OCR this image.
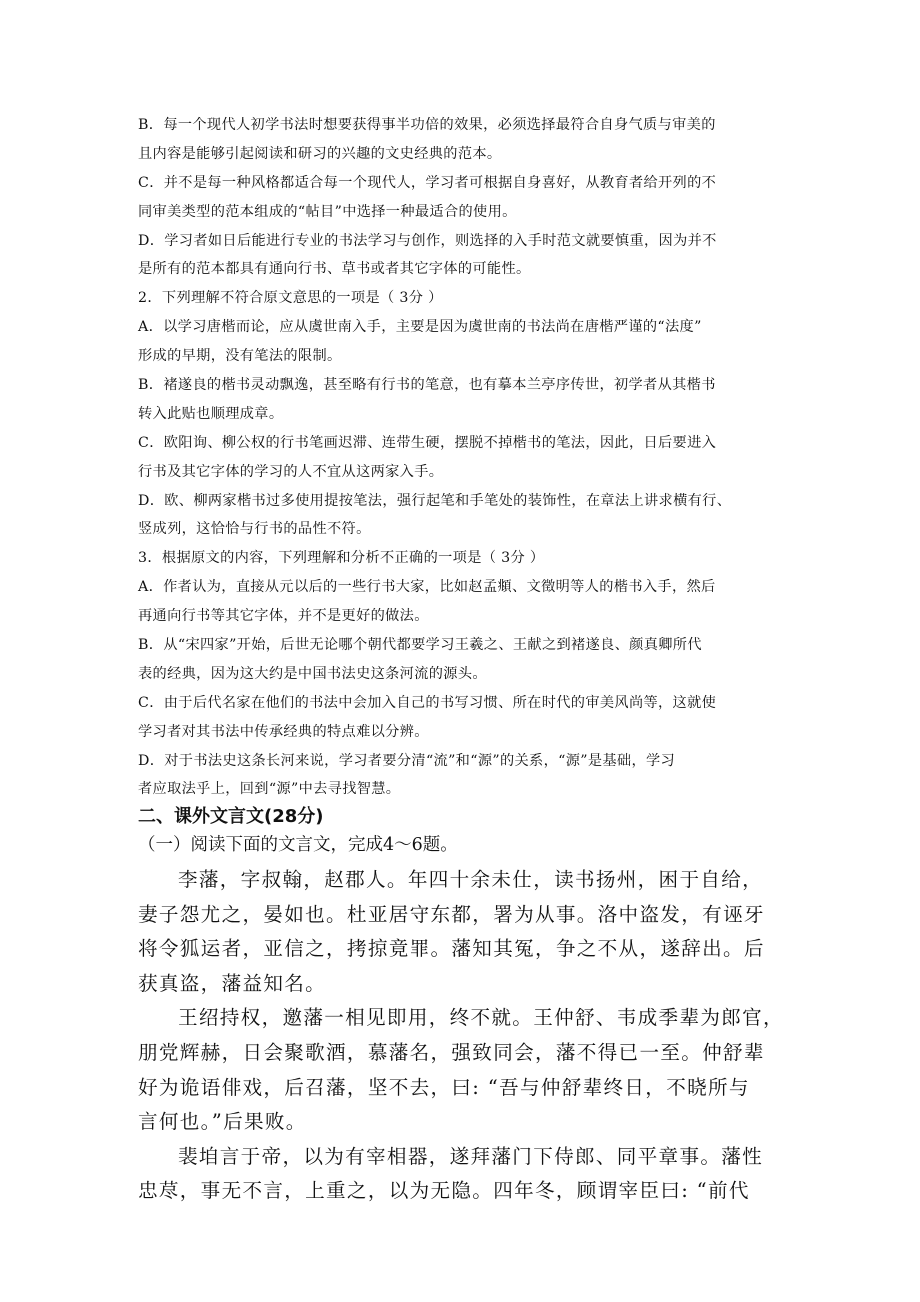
B．每一个现代人初学书法时想要获得事半功倍的效果，必须选择最符合自身气质与审美的

且内容是能够引起阅读和研习的兴趣的文史经典的范本。

C．并不是每一种风格都适合每一个现代人，学习者可根据自身喜好，从教育者给开列的不

同审美类型的范本组成的“帖目”中选择一种最适合的使用。

D．学习者如日后能进行专业的书法学习与创作，则选择的入手时范文就要慎重，因为并不

是所有的范本都具有通向行书、草书或者其它字体的可能性。

2．下列理解不符合原文意思的一项是（ 3分 ）

A．以学习唐楷而论，应从虞世南入手，主要是因为虞世南的书法尚在唐楷严谨的“法度”

形成的早期，没有笔法的限制。

B．褚遂良的楷书灵动飘逸，甚至略有行书的笔意，也有摹本兰亭序传世，初学者从其楷书

转入此贴也顺理成章。

C．欧阳询、柳公权的行书笔画迟滞、连带生硬，摆脱不掉楷书的笔法，因此，日后要进入

行书及其它字体的学习的人不宜从这两家入手。

D．欧、柳两家楷书过多使用提按笔法，强行起笔和手笔处的装饰性，在章法上讲求横有行、

竖成列，这恰恰与行书的品性不符。

3．根据原文的内容，下列理解和分析不正确的一项是（ 3分 ）

A．作者认为，直接从元以后的一些行书大家，比如赵孟頫、文徵明等人的楷书入手，然后

再通向行书等其它字体，并不是更好的做法。

B．从“宋四家”开始，后世无论哪个朝代都要学习王羲之、王献之到褚遂良、颜真卿所代

表的经典，因为这大约是中国书法史这条河流的源头。

C．由于后代名家在他们的书法中会加入自己的书写习惯、所在时代的审美风尚等，这就使

学习者对其书法中传承经典的特点难以分辨。

D．对于书法史这条长河来说，学习者要分清“流”和“源”的关系，“源”是基础，学习

者应取法乎上，回到“源”中去寻找智慧。

二、课外文言文(28分)
（一）阅读下面的文言文，完成4～6题。

李藩，字叔翰，赵郡人。年四十余未仕，读书扬州，困于自给，

妻子怨尤之，晏如也。杜亚居守东都，署为从事。洛中盗发，有诬牙

将令狐运者，亚信之，拷掠竟罪。藩知其冤，争之不从，遂辞出。后

获真盗，藩益知名。

王绍持权，邀藩一相见即用，终不就。王仲舒、韦成季辈为郎官，

朋党辉赫，日会聚歌酒，慕藩名，强致同会，藩不得已一至。仲舒辈

好为诡语俳戏，后召藩，坚不去，曰: “吾与仲舒辈终日，不晓所与

言何也。”后果败。

裴垍言于帝，以为有宰相器，遂拜藩门下侍郎、同平章事。藩性

忠荩，事无不言，上重之，以为无隐。四年冬，顾谓宰臣曰: “前代
